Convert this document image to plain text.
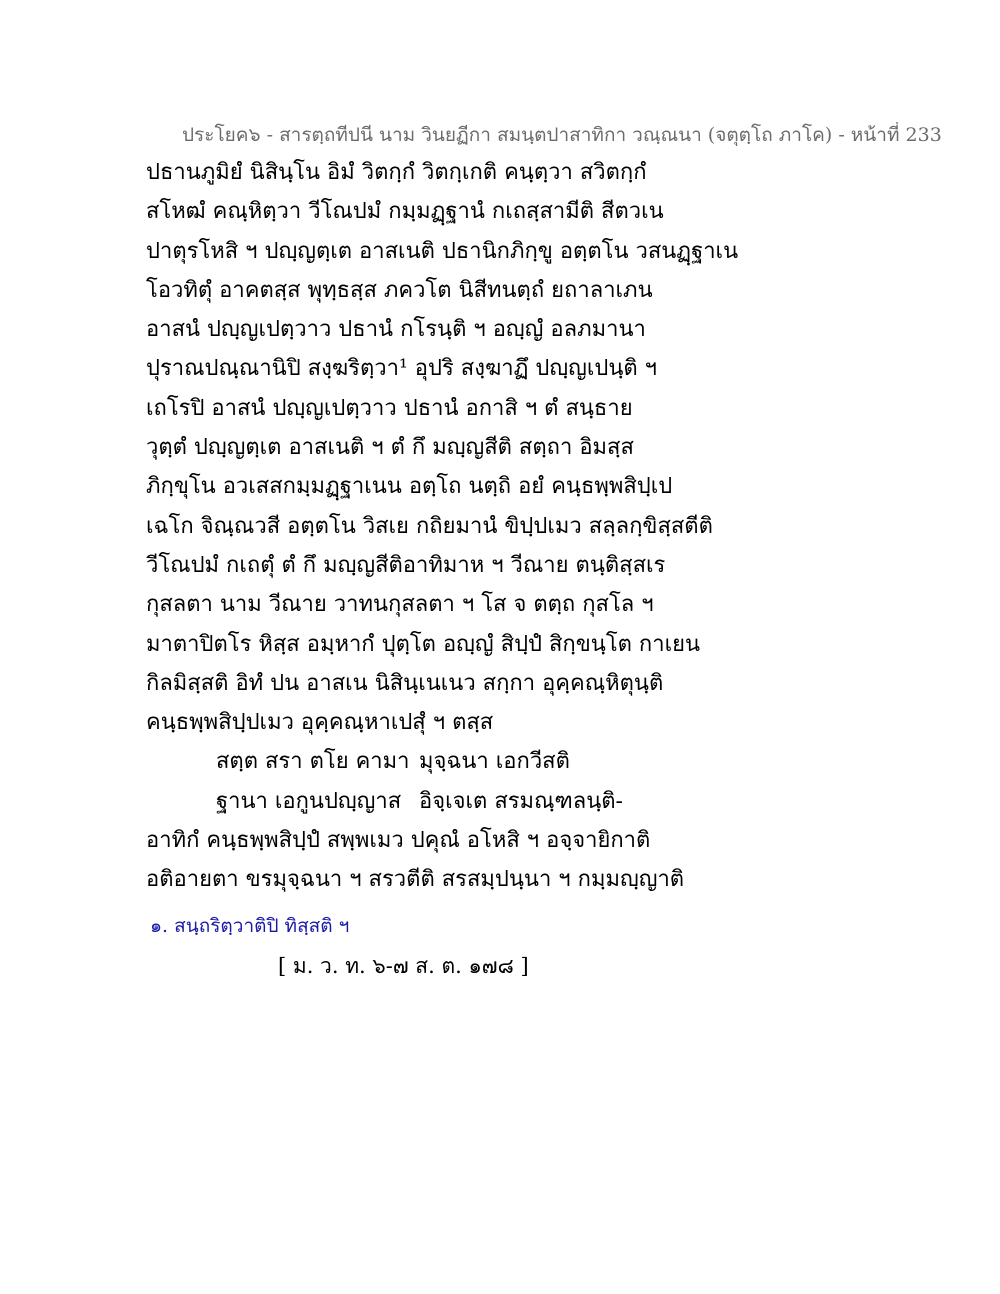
ประโยค๖ - สารตฺถทีปนี นาม วินยฏีกา สมนฺตปาสาทิกา วณฺณนา (จตุตฺโถ ภาโค) - หน้าที่ 233
ปธานภูมิยํ นิสินฺโน อิมํ วิตกฺกํ วิตกฺเกติ คนฺตฺวา สวิตกฺกํ
สโหฒํ คณฺหิตฺวา วีโณปมํ กมฺมฏฺฐานํ กเถสฺสามีติ สีตวเน
ปาตุรโหสิ ฯ ปญฺญตฺเต อาสเนติ ปธานิกภิกฺขู อตฺตโน วสนฏฺฐาเน
โอวทิตุํ อาคตสฺส พุทฺธสฺส ภควโต นิสีทนตฺถํ ยถาลาเภน
อาสนํ ปญฺญเปตฺวาว ปธานํ กโรนฺติ ฯ อญฺญํ อลภมานา
ปุราณปณฺณานิปิ สงฺฆริตฺวา¹ อุปริ สงฺฆาฏึ ปญฺญเปนฺติ ฯ
เถโรปิ อาสนํ ปญฺญเปตฺวาว ปธานํ อกาสิ ฯ ตํ สนฺธาย
วุตฺตํ ปญฺญตฺเต อาสเนติ ฯ ตํ กึ มญฺญสีติ สตฺถา อิมสฺส
ภิกฺขุโน อวเสสกมฺมฏฺฐาเนน อตฺโถ นตฺถิ อยํ คนฺธพฺพสิปฺเป
เฉโก จิณฺณวสี อตฺตโน วิสเย กถิยมานํ ขิปฺปเมว สลฺลกฺขิสฺสตีติ
วีโณปมํ กเถตุํ ตํ กึ มญฺญสีติอาทิมาห ฯ วีณาย ตนฺติสฺสเร
กุสลตา นาม วีณาย วาทนกุสลตา ฯ โส จ ตตฺถ กุสโล ฯ
มาตาปิตโร หิสฺส อมฺหากํ ปุตฺโต อญฺญํ สิปฺปํ สิกฺขนฺโต กาเยน
กิลมิสฺสติ อิทํ ปน อาสเน นิสินฺเนเนว สกฺกา อุคฺคณฺหิตุนฺติ
คนฺธพฺพสิปฺปเมว อุคฺคณฺหาเปสุํ ฯ ตสฺส
สตฺต สรา ตโย คามา มุจฺฉนา เอกวีสติ
ฐานา เอกูนปญฺญาส อิจฺเจเต สรมณฺฑลนฺติ-
อาทิกํ คนฺธพฺพสิปฺปํ สพฺพเมว ปคุณํ อโหสิ ฯ อจฺจายิกาติ
อติอายตา ขรมุจฺฉนา ฯ สรวตีติ สรสมฺปนฺนา ฯ กมฺมญฺญาติ
๑. สนฺถริตฺวาติปิ ทิสฺสติ ฯ
[ ม. ว. ท. ๖-๗ ส. ต. ๑๗๘ ]
